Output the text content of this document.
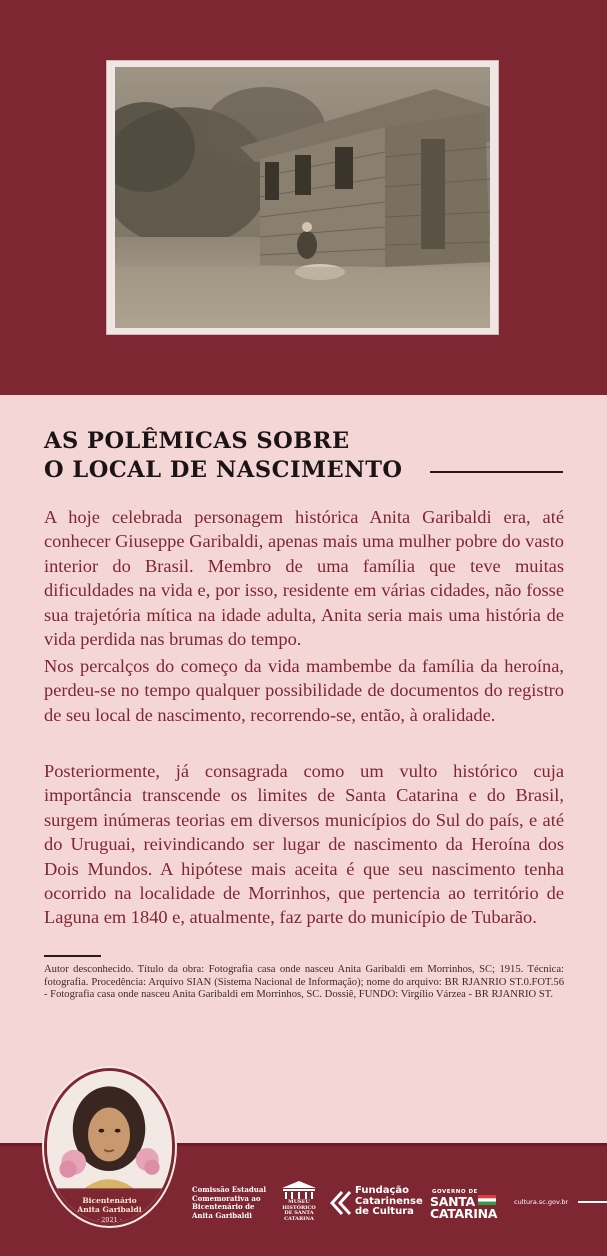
AS POLÊMICAS SOBRE
O LOCAL DE NASCIMENTO

A hoje celebrada personagem histórica Anita Garibaldi era, até conhecer Giuseppe Garibaldi, apenas mais uma mulher pobre do vasto interior do Brasil. Membro de uma família que teve muitas dificuldades na vida e, por isso, residente em várias cidades, não fosse sua trajetória mítica na idade adulta, Anita seria mais uma história de vida perdida nas brumas do tempo.

Nos percalços do começo da vida mambembe da família da heroína, perdeu-se no tempo qualquer possibilidade de documentos do registro de seu local de nascimento, recorrendo-se, então, à oralidade.

Posteriormente, já consagrada como um vulto histórico cuja importância transcende os limites de Santa Catarina e do Brasil, surgem inúmeras teorias em diversos municípios do Sul do país, e até do Uruguai, reivindicando ser lugar de nascimento da Heroína dos Dois Mundos. A hipótese mais aceita é que seu nascimento tenha ocorrido na localidade de Morrinhos, que pertencia ao território de Laguna em 1840 e, atualmente, faz parte do município de Tubarão.

Autor desconhecido. Título da obra: Fotografia casa onde nasceu Anita Garibaldi em Morrinhos, SC; 1915. Técnica: fotografia. Procedência: Arquivo SIAN (Sistema Nacional de Informação); nome do arquivo: BR RJANRIO ST.0.FOT.56 - Fotografia casa onde nasceu Anita Garibaldi em Morrinhos, SC. Dossiê, FUNDO: Virgílio Várzea - BR RJANRIO ST.

Bicentenário
Anita Garibaldi
· 2021 ·
Comissão Estadual Comemorativa ao Bicentenário de Anita Garibaldi
MUSEU HISTÓRICO DE SANTA CATARINA
Fundação
Catarinense
de Cultura
GOVERNO DE
SANTA
CATARINA
cultura.sc.gov.br
